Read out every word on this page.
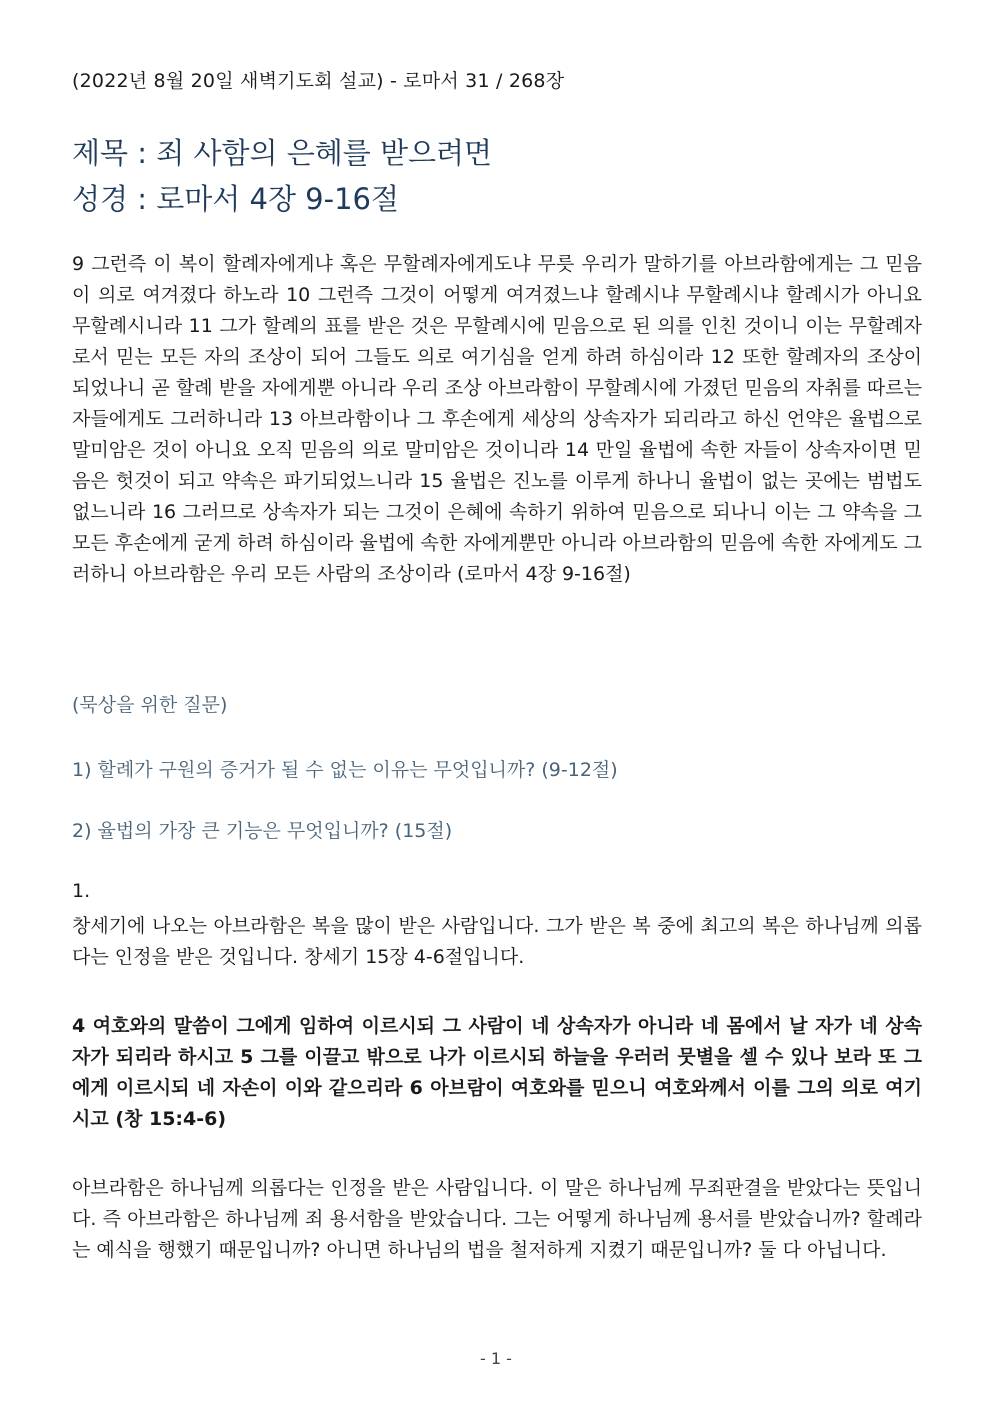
(2022년 8월 20일 새벽기도회 설교) - 로마서 31 / 268장
제목 : 죄 사함의 은혜를 받으려면
성경 : 로마서 4장 9-16절
9 그런즉 이 복이 할례자에게냐 혹은 무할례자에게도냐 무릇 우리가 말하기를 아브라함에게는 그 믿음이 의로 여겨졌다 하노라 10 그런즉 그것이 어떻게 여겨졌느냐 할례시냐 무할례시냐 할례시가 아니요 무할례시니라 11 그가 할례의 표를 받은 것은 무할례시에 믿음으로 된 의를 인친 것이니 이는 무할례자로서 믿는 모든 자의 조상이 되어 그들도 의로 여기심을 얻게 하려 하심이라 12 또한 할례자의 조상이 되었나니 곧 할례 받을 자에게뿐 아니라 우리 조상 아브라함이 무할례시에 가졌던 믿음의 자취를 따르는 자들에게도 그러하니라 13 아브라함이나 그 후손에게 세상의 상속자가 되리라고 하신 언약은 율법으로 말미암은 것이 아니요 오직 믿음의 의로 말미암은 것이니라 14 만일 율법에 속한 자들이 상속자이면 믿음은 헛것이 되고 약속은 파기되었느니라 15 율법은 진노를 이루게 하나니 율법이 없는 곳에는 범법도 없느니라 16 그러므로 상속자가 되는 그것이 은혜에 속하기 위하여 믿음으로 되나니 이는 그 약속을 그 모든 후손에게 굳게 하려 하심이라 율법에 속한 자에게뿐만 아니라 아브라함의 믿음에 속한 자에게도 그러하니 아브라함은 우리 모든 사람의 조상이라 (로마서 4장 9-16절)
(묵상을 위한 질문)
1) 할례가 구원의 증거가 될 수 없는 이유는 무엇입니까? (9-12절)
2) 율법의 가장 큰 기능은 무엇입니까? (15절)
1.
창세기에 나오는 아브라함은 복을 많이 받은 사람입니다. 그가 받은 복 중에 최고의 복은 하나님께 의롭다는 인정을 받은 것입니다. 창세기 15장 4-6절입니다.
4 여호와의 말씀이 그에게 임하여 이르시되 그 사람이 네 상속자가 아니라 네 몸에서 날 자가 네 상속자가 되리라 하시고 5 그를 이끌고 밖으로 나가 이르시되 하늘을 우러러 뭇별을 셀 수 있나 보라 또 그에게 이르시되 네 자손이 이와 같으리라 6 아브람이 여호와를 믿으니 여호와께서 이를 그의 의로 여기시고 (창 15:4-6)
아브라함은 하나님께 의롭다는 인정을 받은 사람입니다. 이 말은 하나님께 무죄판결을 받았다는 뜻입니다. 즉 아브라함은 하나님께 죄 용서함을 받았습니다. 그는 어떻게 하나님께 용서를 받았습니까? 할례라는 예식을 행했기 때문입니까? 아니면 하나님의 법을 철저하게 지켰기 때문입니까? 둘 다 아닙니다.
- 1 -
